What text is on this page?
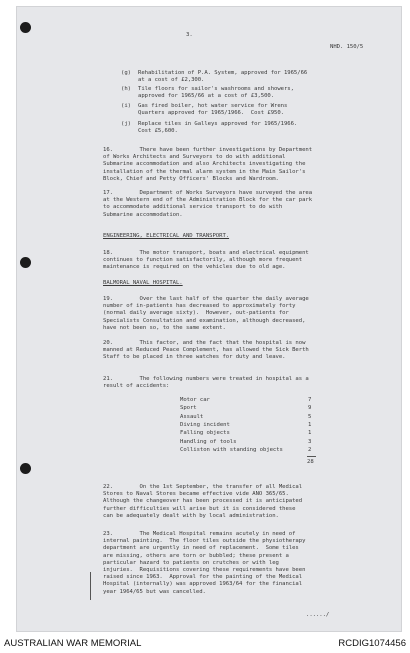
3.
NHD. 150/5
(g) Rehabilitation of P.A. System, approved for 1965/66
at a cost of £2,300.
(h) Tile floors for sailor's washrooms and showers,
approved for 1965/66 at a cost of £3,500.
(i) Gas fired boiler, hot water service for Wrens
Quarters approved for 1965/1966.  Cost £950.
(j) Replace tiles in Galleys approved for 1965/1966.
Cost £5,600.
16.        There have been further investigations by Department
of Works Architects and Surveyors to do with additional
Submarine accommodation and also Architects investigating the
installation of the thermal alarm system in the Main Sailor's
Block, Chief and Petty Officers' Blocks and Wardroom.
17.        Department of Works Surveyors have surveyed the area
at the Western end of the Administration Block for the car park
to accommodate additional service transport to do with
Submarine accommodation.
ENGINEERING, ELECTRICAL AND TRANSPORT.
18.        The motor transport, boats and electrical equipment
continues to function satisfactorily, although more frequent
maintenance is required on the vehicles due to old age.
BALMORAL NAVAL HOSPITAL.
19.        Over the last half of the quarter the daily average
number of in-patients has decreased to approximately forty
(normal daily average sixty).  However, out-patients for
Specialists Consultation and examination, although decreased,
have not been so, to the same extent.
20.        This factor, and the fact that the hospital is now
manned at Reduced Peace Complement, has allowed the Sick Berth
Staff to be placed in three watches for duty and leave.
21.        The following numbers were treated in hospital as a
result of accidents:
Motor car	7
Sport	9
Assault	5
Diving incident	1
Falling objects	1
Handling of tools	3
Colliston with standing objects	2
28
22.        On the 1st September, the transfer of all Medical
Stores to Naval Stores became effective vide ANO 365/65.
Although the changeover has been processed it is anticipated
further difficulties will arise but it is considered these
can be adequately dealt with by local administration.
23.        The Medical Hospital remains acutely in need of
internal painting.  The floor tiles outside the physiotherapy
department are urgently in need of replacement.  Some tiles
are missing, others are torn or bubbled; these present a
particular hazard to patients on crutches or with leg
injuries.  Requisitions covering these requirements have been
raised since 1963.  Approval for the painting of the Medical
Hospital (internally) was approved 1963/64 for the financial
year 1964/65 but was cancelled.
....../
AUSTRALIAN WAR MEMORIAL	RCDIG1074456
